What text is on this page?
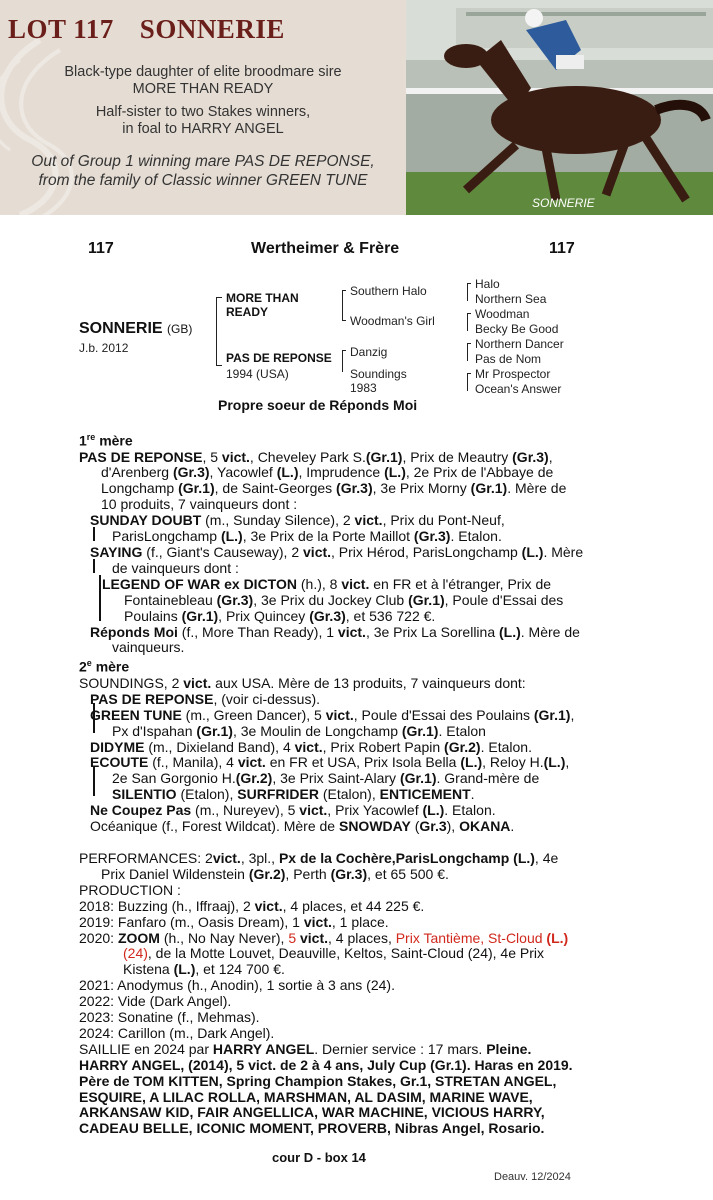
LOT 117 SONNERIE
Black-type daughter of elite broodmare sire
MORE THAN READY
Half-sister to two Stakes winners,
in foal to HARRY ANGEL
Out of Group 1 winning mare PAS DE REPONSE,
from the family of Classic winner GREEN TUNE
SONNERIE
117	Wertheimer & Frère	117
SONNERIE (GB)
J.b. 2012
MORE THAN READY
PAS DE REPONSE
1994 (USA)
Southern Halo
Woodman's Girl
Danzig
Soundings
1983
Halo
Northern Sea
Woodman
Becky Be Good
Northern Dancer
Pas de Nom
Mr Prospector
Ocean's Answer
Propre soeur de Réponds Moi

1re mère

PAS DE REPONSE, 5 vict., Cheveley Park S.(Gr.1), Prix de Meautry (Gr.3), d'Arenberg (Gr.3), Yacowlef (L.), Imprudence (L.), 2e Prix de l'Abbaye de Longchamp (Gr.1), de Saint-Georges (Gr.3), 3e Prix Morny (Gr.1). Mère de 10 produits, 7 vainqueurs dont :

SUNDAY DOUBT (m., Sunday Silence), 2 vict., Prix du Pont-Neuf, ParisLongchamp (L.), 3e Prix de la Porte Maillot (Gr.3). Etalon.

SAYING (f., Giant's Causeway), 2 vict., Prix Hérod, ParisLongchamp (L.). Mère de vainqueurs dont :

LEGEND OF WAR ex DICTON (h.), 8 vict. en FR et à l'étranger, Prix de Fontainebleau (Gr.3), 3e Prix du Jockey Club (Gr.1), Poule d'Essai des Poulains (Gr.1), Prix Quincey (Gr.3), et 536 722 €.

Réponds Moi (f., More Than Ready), 1 vict., 3e Prix La Sorellina (L.). Mère de vainqueurs.

2e mère

SOUNDINGS, 2 vict. aux USA. Mère de 13 produits, 7 vainqueurs dont:

PAS DE REPONSE, (voir ci-dessus).

GREEN TUNE (m., Green Dancer), 5 vict., Poule d'Essai des Poulains (Gr.1), Px d'Ispahan (Gr.1), 3e Moulin de Longchamp (Gr.1). Etalon

DIDYME (m., Dixieland Band), 4 vict., Prix Robert Papin (Gr.2). Etalon.

ECOUTE (f., Manila), 4 vict. en FR et USA, Prix Isola Bella (L.), Reloy H.(L.), 2e San Gorgonio H.(Gr.2), 3e Prix Saint-Alary (Gr.1). Grand-mère de SILENTIO (Etalon), SURFRIDER (Etalon), ENTICEMENT.

Ne Coupez Pas (m., Nureyev), 5 vict., Prix Yacowlef (L.). Etalon.

Océanique (f., Forest Wildcat). Mère de SNOWDAY (Gr.3), OKANA.

PERFORMANCES: 2vict., 3pl., Px de la Cochère,ParisLongchamp (L.), 4e Prix Daniel Wildenstein (Gr.2), Perth (Gr.3), et 65 500 €.

PRODUCTION :

2018: Buzzing (h., Iffraaj), 2 vict., 4 places, et 44 225 €.

2019: Fanfaro (m., Oasis Dream), 1 vict., 1 place.

2020: ZOOM (h., No Nay Never), 5 vict., 4 places, Prix Tantième, St-Cloud (L.) (24), de la Motte Louvet, Deauville, Keltos, Saint-Cloud (24), 4e Prix Kistena (L.), et 124 700 €.

2021: Anodymus (h., Anodin), 1 sortie à 3 ans (24).

2022: Vide (Dark Angel).

2023: Sonatine (f., Mehmas).

2024: Carillon (m., Dark Angel).

SAILLIE en 2024 par HARRY ANGEL. Dernier service : 17 mars. Pleine. HARRY ANGEL, (2014), 5 vict. de 2 à 4 ans, July Cup (Gr.1). Haras en 2019. Père de TOM KITTEN, Spring Champion Stakes, Gr.1, STRETAN ANGEL, ESQUIRE, A LILAC ROLLA, MARSHMAN, AL DASIM, MARINE WAVE, ARKANSAW KID, FAIR ANGELLICA, WAR MACHINE, VICIOUS HARRY, CADEAU BELLE, ICONIC MOMENT, PROVERB, Nibras Angel, Rosario.

cour D - box 14
Deauv. 12/2024
